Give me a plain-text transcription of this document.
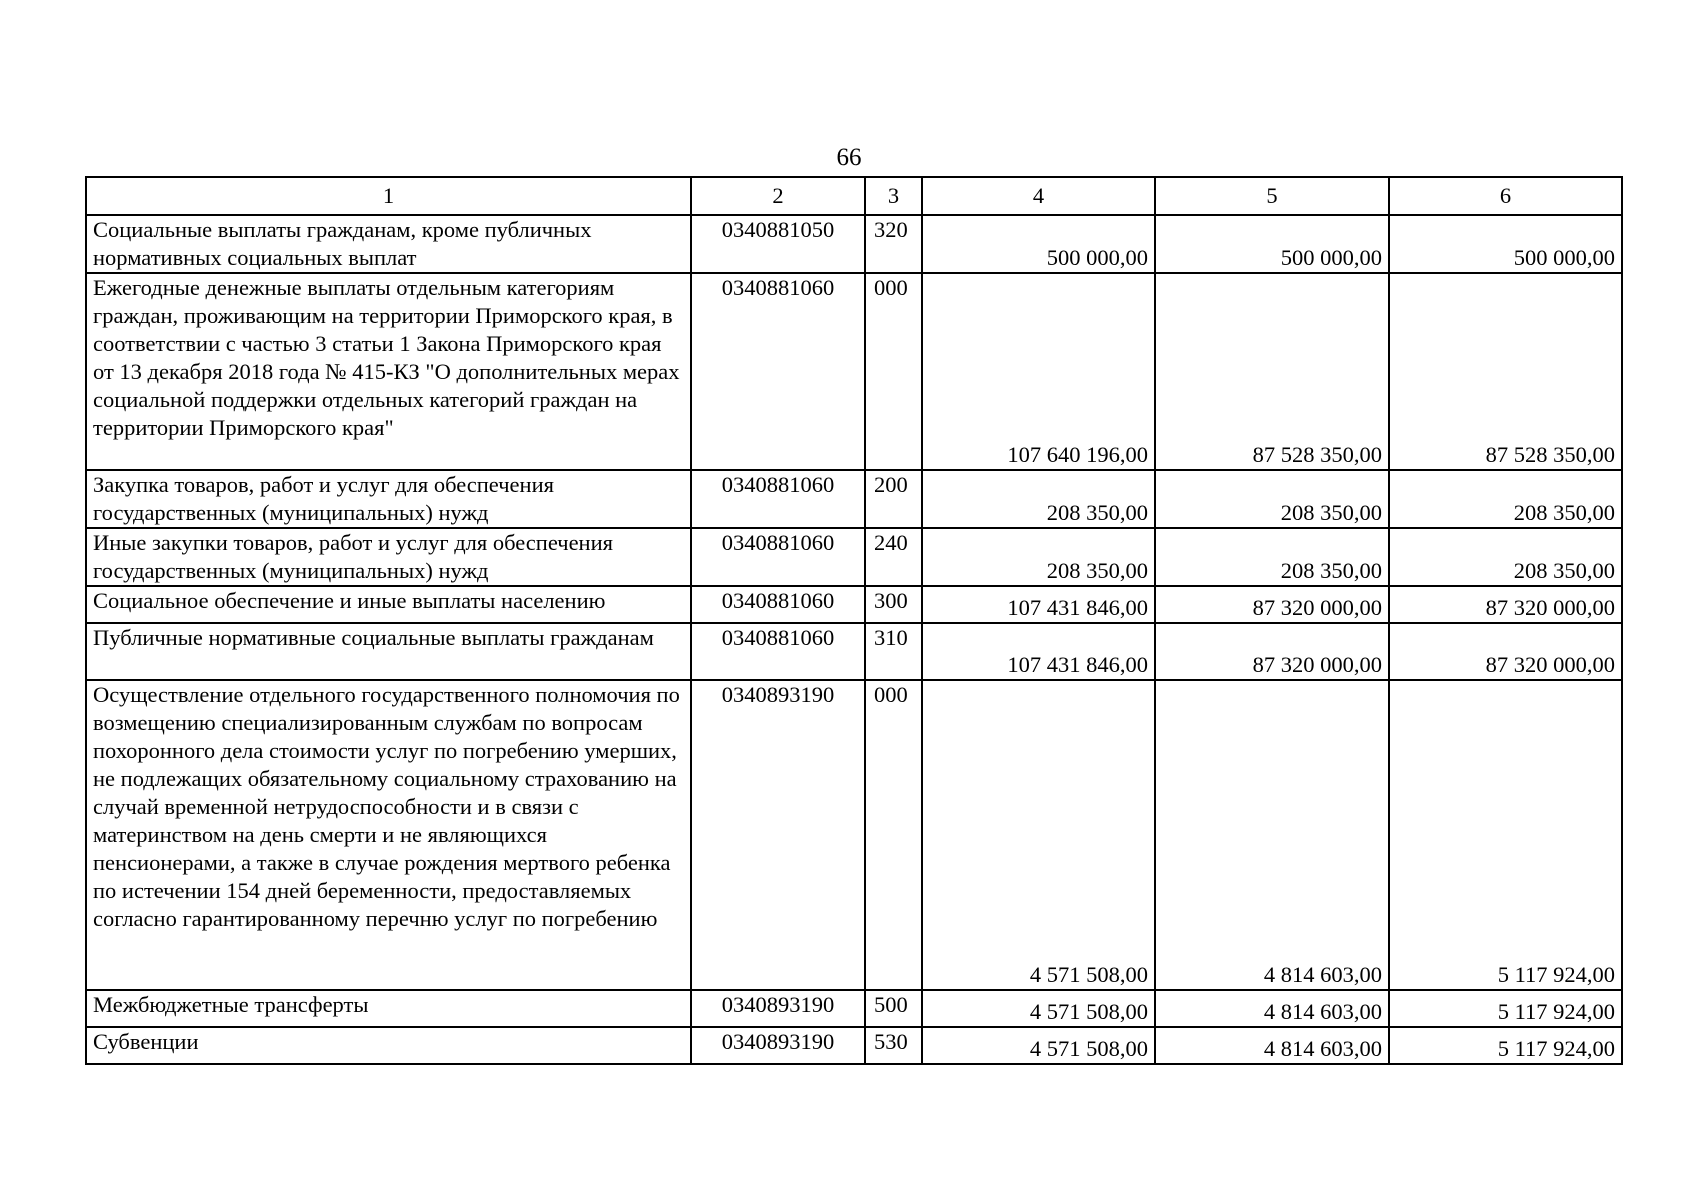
66
1	2	3	4	5	6
Социальные выплаты гражданам, кроме публичных нормативных социальных выплат	0340881050	320	500 000,00	500 000,00	500 000,00
Ежегодные денежные выплаты отдельным категориям граждан, проживающим на территории Приморского края, в соответствии с частью 3 статьи 1 Закона Приморского края от 13 декабря 2018 года № 415-КЗ "О дополнительных мерах социальной поддержки отдельных категорий граждан на территории Приморского края"	0340881060	000	107 640 196,00	87 528 350,00	87 528 350,00
Закупка товаров, работ и услуг для обеспечения государственных (муниципальных) нужд	0340881060	200	208 350,00	208 350,00	208 350,00
Иные закупки товаров, работ и услуг для обеспечения государственных (муниципальных) нужд	0340881060	240	208 350,00	208 350,00	208 350,00
Социальное обеспечение и иные выплаты населению	0340881060	300	107 431 846,00	87 320 000,00	87 320 000,00
Публичные нормативные социальные выплаты гражданам	0340881060	310	107 431 846,00	87 320 000,00	87 320 000,00
Осуществление отдельного государственного полномочия по возмещению специализированным службам по вопросам похоронного дела стоимости услуг по погребению умерших, не подлежащих обязательному социальному страхованию на случай временной нетрудоспособности и в связи с материнством на день смерти и не являющихся пенсионерами, а также в случае рождения мертвого ребенка по истечении 154 дней беременности, предоставляемых согласно гарантированному перечню услуг по погребению	0340893190	000	4 571 508,00	4 814 603,00	5 117 924,00
Межбюджетные трансферты	0340893190	500	4 571 508,00	4 814 603,00	5 117 924,00
Субвенции	0340893190	530	4 571 508,00	4 814 603,00	5 117 924,00
